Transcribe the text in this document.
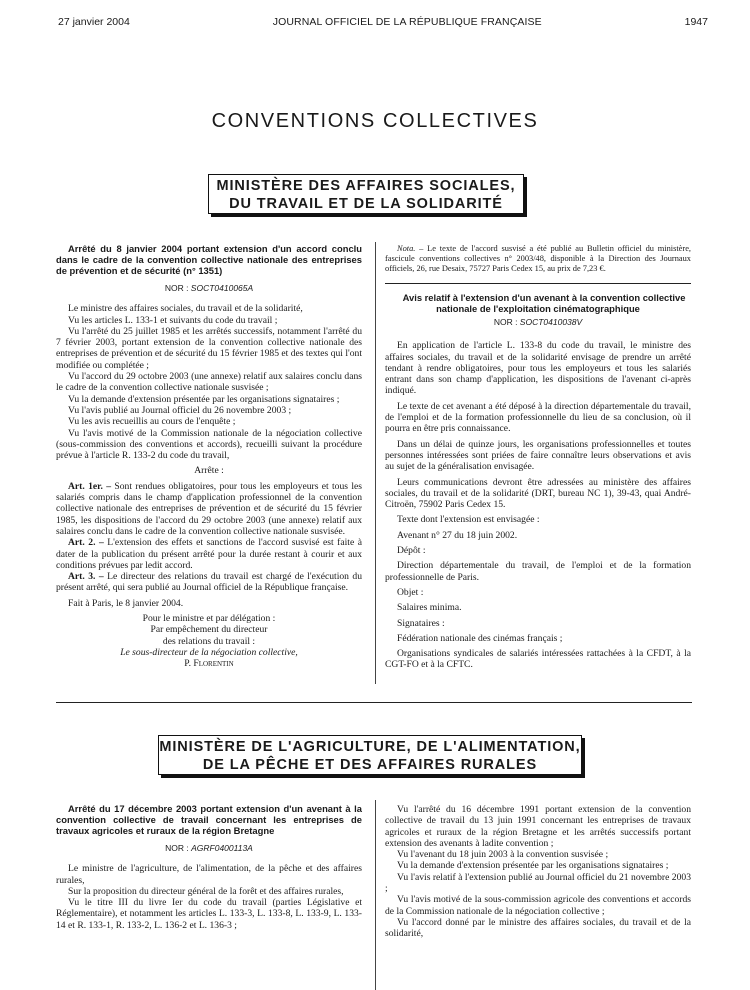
27 janvier 2004	JOURNAL OFFICIEL DE LA RÉPUBLIQUE FRANÇAISE	1947
CONVENTIONS COLLECTIVES
MINISTÈRE DES AFFAIRES SOCIALES,
DU TRAVAIL ET DE LA SOLIDARITÉ

Arrêté du 8 janvier 2004 portant extension d'un accord conclu dans le cadre de la convention collective nationale des entreprises de prévention et de sécurité (n° 1351)

NOR : SOCT0410065A

Le ministre des affaires sociales, du travail et de la solidarité,

Vu les articles L. 133-1 et suivants du code du travail ;

Vu l'arrêté du 25 juillet 1985 et les arrêtés successifs, notamment l'arrêté du 7 février 2003, portant extension de la convention collective nationale des entreprises de prévention et de sécurité du 15 février 1985 et des textes qui l'ont modifiée ou complétée ;

Vu l'accord du 29 octobre 2003 (une annexe) relatif aux salaires conclu dans le cadre de la convention collective nationale susvisée ;

Vu la demande d'extension présentée par les organisations signataires ;

Vu l'avis publié au Journal officiel du 26 novembre 2003 ;

Vu les avis recueillis au cours de l'enquête ;

Vu l'avis motivé de la Commission nationale de la négociation collective (sous-commission des conventions et accords), recueilli suivant la procédure prévue à l'article R. 133-2 du code du travail,

Arrête :

Art. 1er. – Sont rendues obligatoires, pour tous les employeurs et tous les salariés compris dans le champ d'application professionnel de la convention collective nationale des entreprises de prévention et de sécurité du 15 février 1985, les dispositions de l'accord du 29 octobre 2003 (une annexe) relatif aux salaires conclu dans le cadre de la convention collective nationale susvisée.

Art. 2. – L'extension des effets et sanctions de l'accord susvisé est faite à dater de la publication du présent arrêté pour la durée restant à courir et aux conditions prévues par ledit accord.

Art. 3. – Le directeur des relations du travail est chargé de l'exécution du présent arrêté, qui sera publié au Journal officiel de la République française.

Fait à Paris, le 8 janvier 2004.

Pour le ministre et par délégation :

Par empêchement du directeur

des relations du travail :

Le sous-directeur de la négociation collective,

P. Florentin

Nota. – Le texte de l'accord susvisé a été publié au Bulletin officiel du ministère, fascicule conventions collectives n° 2003/48, disponible à la Direction des Journaux officiels, 26, rue Desaix, 75727 Paris Cedex 15, au prix de 7,23 €.

Avis relatif à l'extension d'un avenant à la convention collective nationale de l'exploitation cinématographique

NOR : SOCT0410038V

En application de l'article L. 133-8 du code du travail, le ministre des affaires sociales, du travail et de la solidarité envisage de prendre un arrêté tendant à rendre obligatoires, pour tous les employeurs et tous les salariés entrant dans son champ d'application, les dispositions de l'avenant ci-après indiqué.

Le texte de cet avenant a été déposé à la direction départementale du travail, de l'emploi et de la formation professionnelle du lieu de sa conclusion, où il pourra en être pris connaissance.

Dans un délai de quinze jours, les organisations professionnelles et toutes personnes intéressées sont priées de faire connaître leurs observations et avis au sujet de la généralisation envisagée.

Leurs communications devront être adressées au ministère des affaires sociales, du travail et de la solidarité (DRT, bureau NC 1), 39-43, quai André-Citroën, 75902 Paris Cedex 15.

Texte dont l'extension est envisagée :

Avenant n° 27 du 18 juin 2002.

Dépôt :

Direction départementale du travail, de l'emploi et de la formation professionnelle de Paris.

Objet :

Salaires minima.

Signataires :

Fédération nationale des cinémas français ;

Organisations syndicales de salariés intéressées rattachées à la CFDT, à la CGT-FO et à la CFTC.

MINISTÈRE DE L'AGRICULTURE, DE L'ALIMENTATION,
DE LA PÊCHE ET DES AFFAIRES RURALES

Arrêté du 17 décembre 2003 portant extension d'un avenant à la convention collective de travail concernant les entreprises de travaux agricoles et ruraux de la région Bretagne

NOR : AGRF0400113A

Le ministre de l'agriculture, de l'alimentation, de la pêche et des affaires rurales,

Sur la proposition du directeur général de la forêt et des affaires rurales,

Vu le titre III du livre Ier du code du travail (parties Législative et Réglementaire), et notamment les articles L. 133-3, L. 133-8, L. 133-9, L. 133-14 et R. 133-1, R. 133-2, L. 136-2 et L. 136-3 ;

Vu l'arrêté du 16 décembre 1991 portant extension de la convention collective de travail du 13 juin 1991 concernant les entreprises de travaux agricoles et ruraux de la région Bretagne et les arrêtés successifs portant extension des avenants à ladite convention ;

Vu l'avenant du 18 juin 2003 à la convention susvisée ;

Vu la demande d'extension présentée par les organisations signataires ;

Vu l'avis relatif à l'extension publié au Journal officiel du 21 novembre 2003 ;

Vu l'avis motivé de la sous-commission agricole des conventions et accords de la Commission nationale de la négociation collective ;

Vu l'accord donné par le ministre des affaires sociales, du travail et de la solidarité,
